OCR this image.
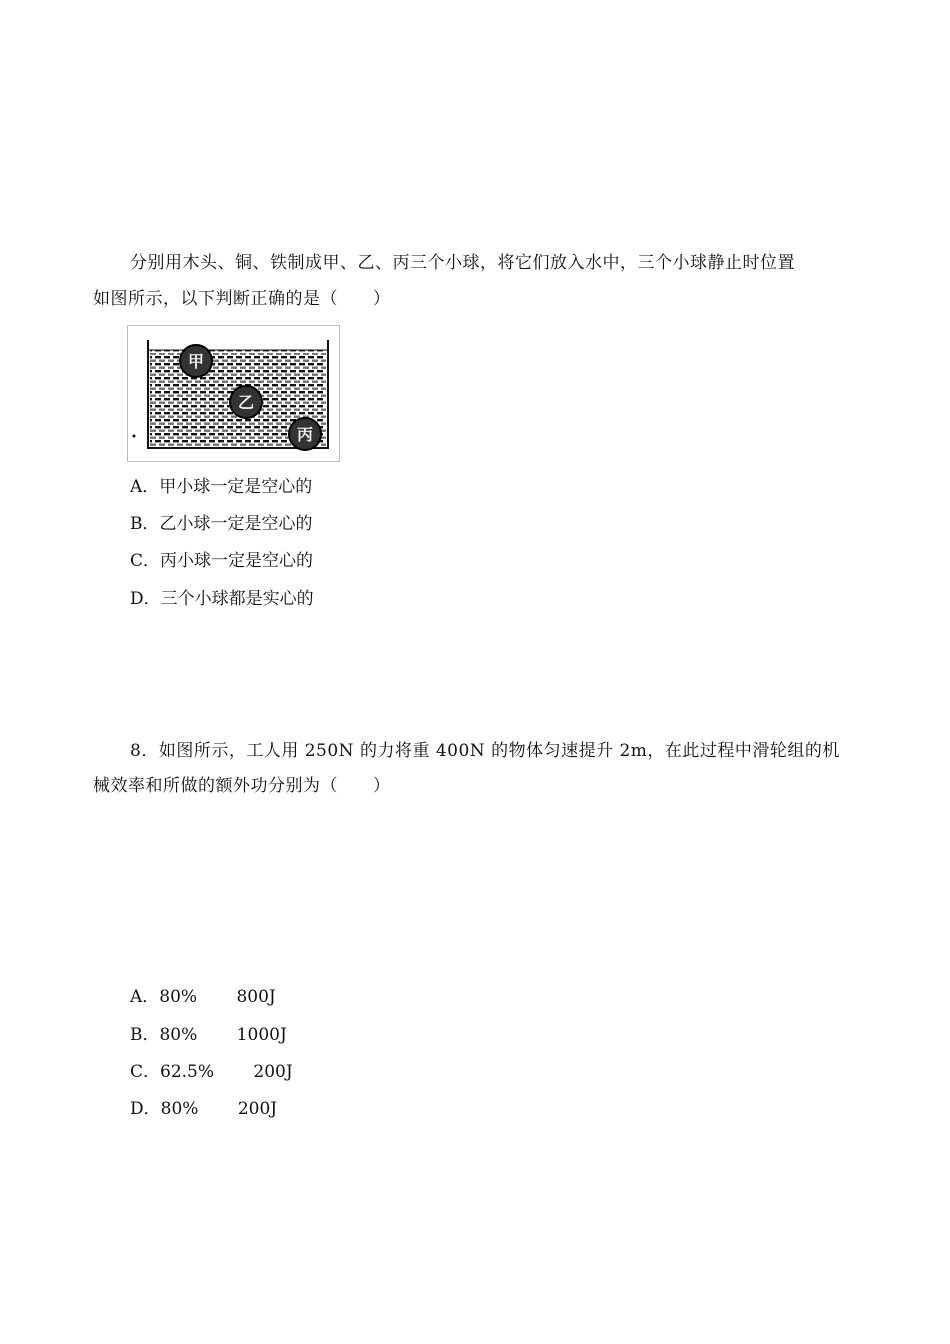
分别用木头、铜、铁制成甲、乙、丙三个小球，将它们放入水中，三个小球静止时位置
如图所示，以下判断正确的是（　　）
甲
乙
丙
A．甲小球一定是空心的
B．乙小球一定是空心的
C．丙小球一定是空心的
D．三个小球都是实心的
8．如图所示，工人用 250N 的力将重 400N 的物体匀速提升 2m，在此过程中滑轮组的机
械效率和所做的额外功分别为（　　）
A．80%　　 800J
B．80%　　 1000J
C．62.5%　　 200J
D．80%　　 200J
